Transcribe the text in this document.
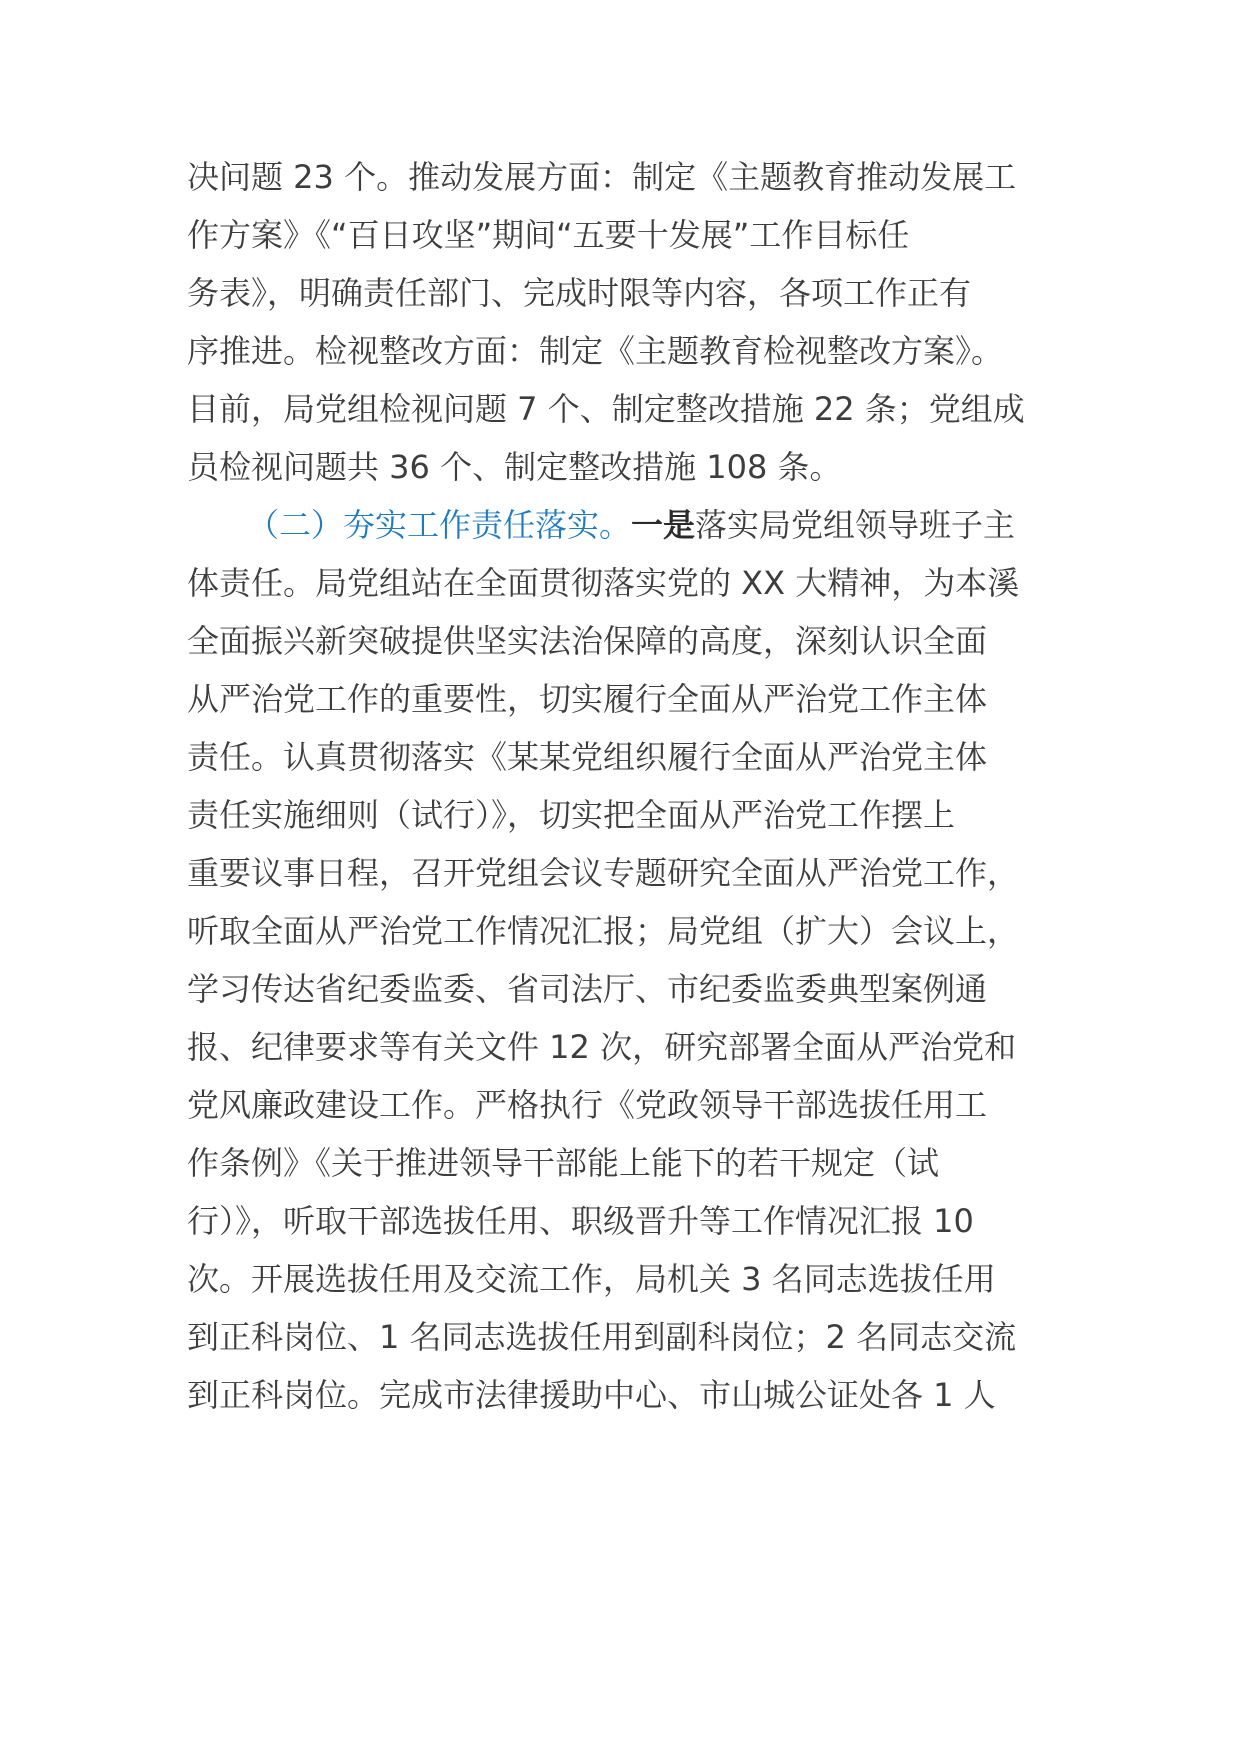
决问题 23 个。推动发展方面：制定《主题教育推动发展工
作方案》《“百日攻坚”期间“五要十发展”工作目标任
务表》，明确责任部门、完成时限等内容，各项工作正有
序推进。检视整改方面：制定《主题教育检视整改方案》。
目前，局党组检视问题 7 个、制定整改措施 22 条；党组成
员检视问题共 36 个、制定整改措施 108 条。
（二）夯实工作责任落实。一是落实局党组领导班子主
体责任。局党组站在全面贯彻落实党的 XX 大精神，为本溪
全面振兴新突破提供坚实法治保障的高度，深刻认识全面
从严治党工作的重要性，切实履行全面从严治党工作主体
责任。认真贯彻落实《某某党组织履行全面从严治党主体
责任实施细则（试行）》，切实把全面从严治党工作摆上
重要议事日程，召开党组会议专题研究全面从严治党工作，
听取全面从严治党工作情况汇报；局党组（扩大）会议上，
学习传达省纪委监委、省司法厅、市纪委监委典型案例通
报、纪律要求等有关文件 12 次，研究部署全面从严治党和
党风廉政建设工作。严格执行《党政领导干部选拔任用工
作条例》《关于推进领导干部能上能下的若干规定（试
行）》，听取干部选拔任用、职级晋升等工作情况汇报 10
次。开展选拔任用及交流工作，局机关 3 名同志选拔任用
到正科岗位、1 名同志选拔任用到副科岗位；2 名同志交流
到正科岗位。完成市法律援助中心、市山城公证处各 1 人
